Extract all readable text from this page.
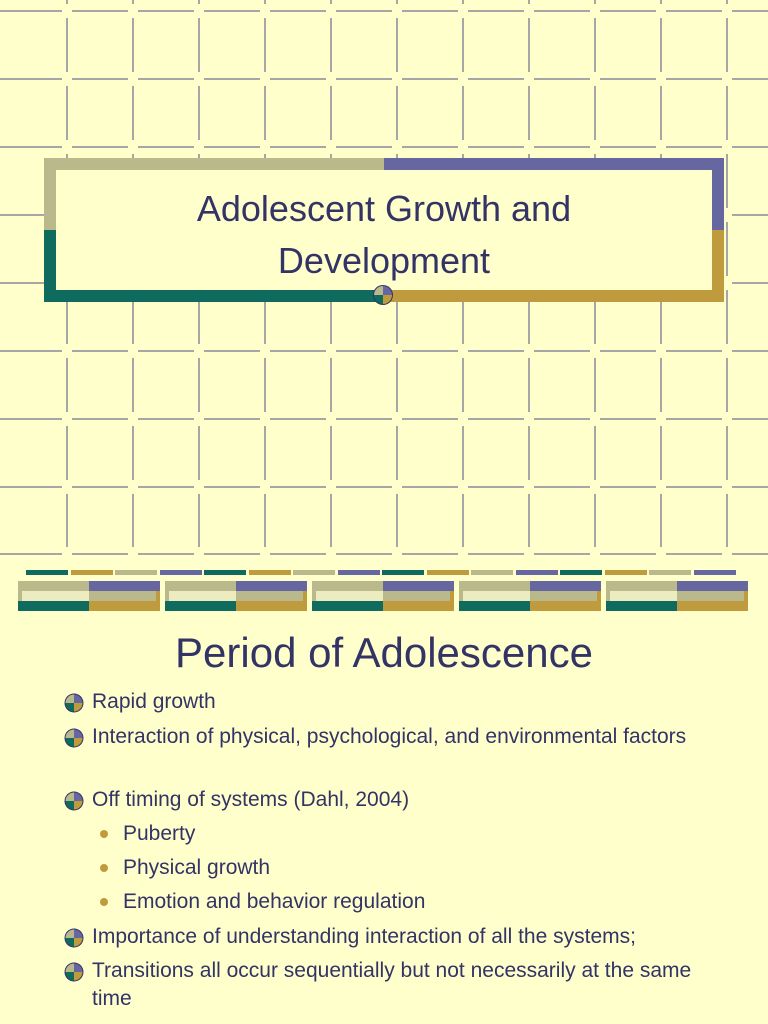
Adolescent Growth and
Development
Period of Adolescence
Rapid growth
Interaction of physical, psychological, and environmental factors
Off timing of systems (Dahl, 2004)
Puberty
Physical growth
Emotion and behavior regulation
Importance of understanding interaction of all the systems;
Transitions all occur sequentially but not necessarily at the same time
